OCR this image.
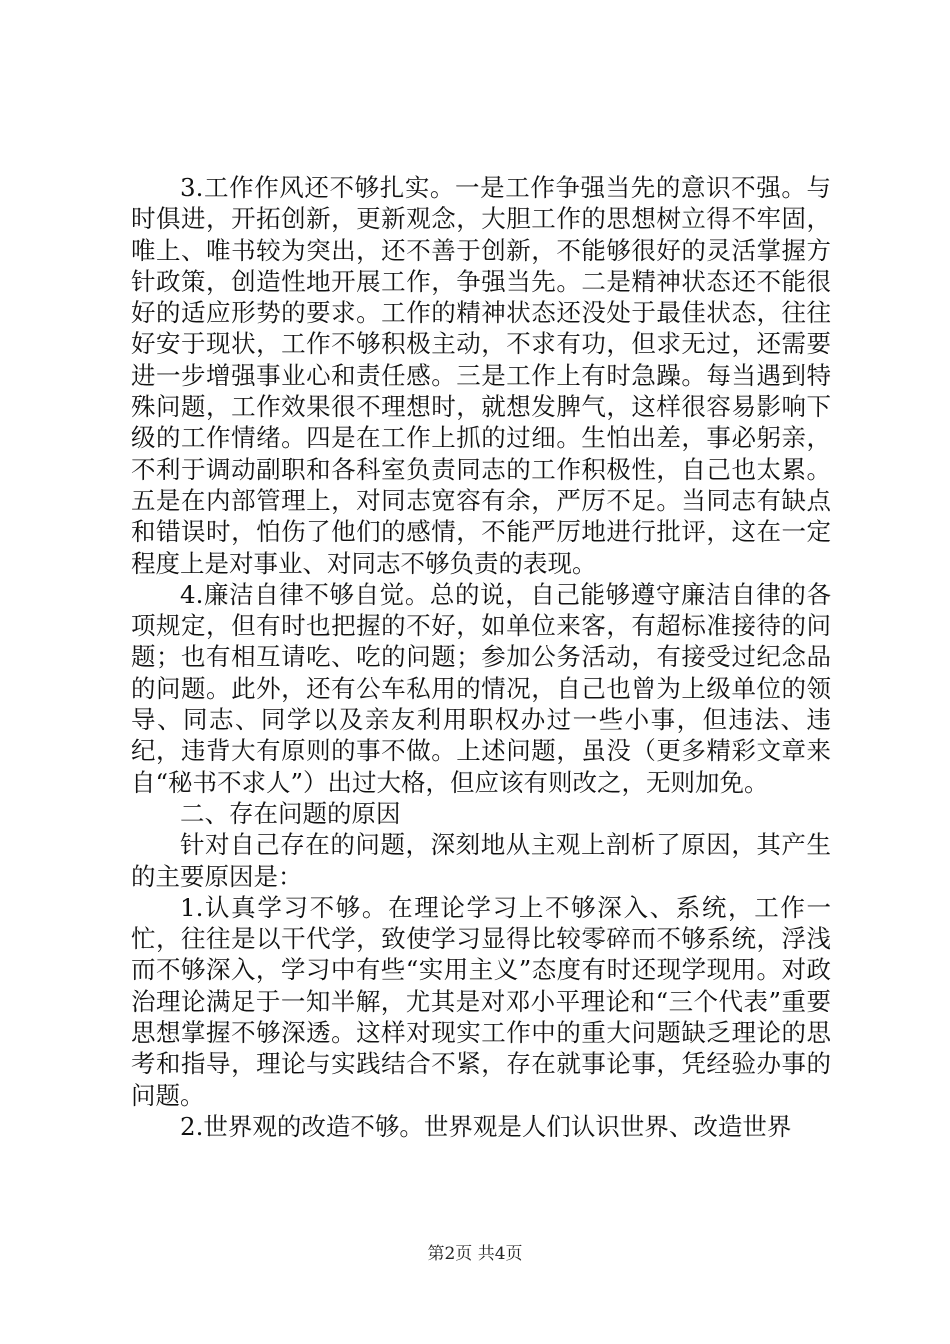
3.工作作风还不够扎实。一是工作争强当先的意识不强。与时俱进，开拓创新，更新观念，大胆工作的思想树立得不牢固，唯上、唯书较为突出，还不善于创新，不能够很好的灵活掌握方针政策，创造性地开展工作，争强当先。二是精神状态还不能很好的适应形势的要求。工作的精神状态还没处于最佳状态，往往好安于现状，工作不够积极主动，不求有功，但求无过，还需要进一步增强事业心和责任感。三是工作上有时急躁。每当遇到特殊问题，工作效果很不理想时，就想发脾气，这样很容易影响下级的工作情绪。四是在工作上抓的过细。生怕出差，事必躬亲，不利于调动副职和各科室负责同志的工作积极性，自己也太累。五是在内部管理上，对同志宽容有余，严厉不足。当同志有缺点和错误时，怕伤了他们的感情，不能严厉地进行批评，这在一定程度上是对事业、对同志不够负责的表现。

4.廉洁自律不够自觉。总的说，自己能够遵守廉洁自律的各项规定，但有时也把握的不好，如单位来客，有超标准接待的问题；也有相互请吃、吃的问题；参加公务活动，有接受过纪念品的问题。此外，还有公车私用的情况，自己也曾为上级单位的领导、同志、同学以及亲友利用职权办过一些小事，但违法、违纪，违背大有原则的事不做。上述问题，虽没（更多精彩文章来自“秘书不求人”）出过大格，但应该有则改之，无则加免。

二、存在问题的原因

针对自己存在的问题，深刻地从主观上剖析了原因，其产生的主要原因是：

1.认真学习不够。在理论学习上不够深入、系统，工作一忙，往往是以干代学，致使学习显得比较零碎而不够系统，浮浅而不够深入，学习中有些“实用主义”态度有时还现学现用。对政治理论满足于一知半解，尤其是对邓小平理论和“三个代表”重要思想掌握不够深透。这样对现实工作中的重大问题缺乏理论的思考和指导，理论与实践结合不紧，存在就事论事，凭经验办事的问题。

2.世界观的改造不够。世界观是人们认识世界、改造世界

第2页 共4页
